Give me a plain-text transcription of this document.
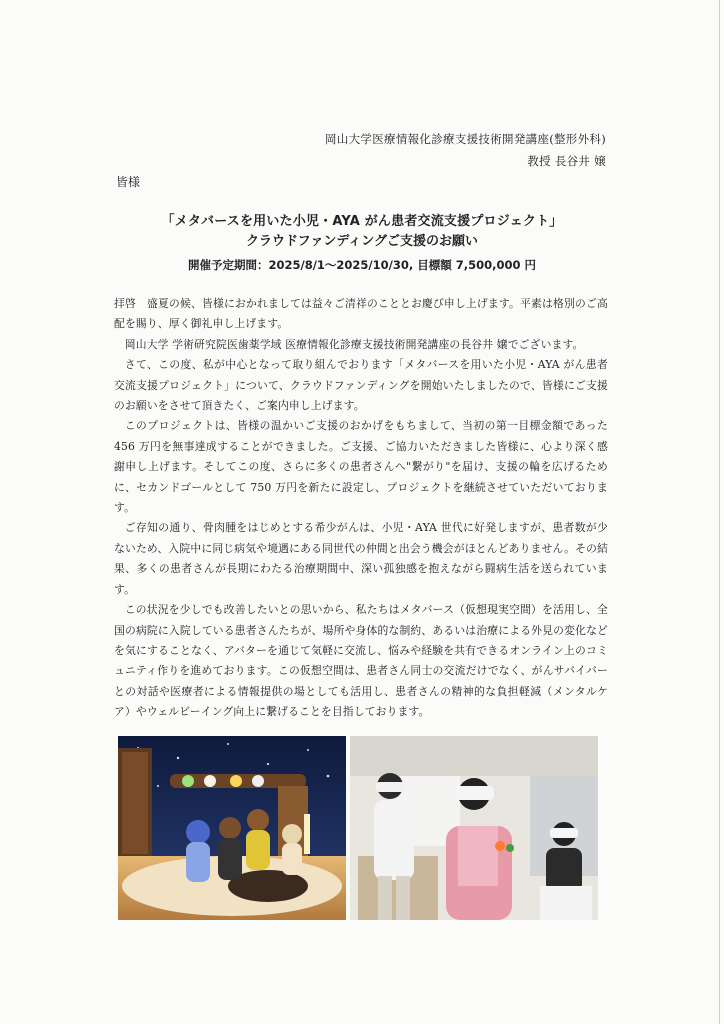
岡山大学医療情報化診療支援技術開発講座(整形外科)
教授 長谷井 嬢
皆様
「メタバースを用いた小児・AYA がん患者交流支援プロジェクト」
クラウドファンディングご支援のお願い
開催予定期間：2025/8/1〜2025/10/30, 目標額 7,500,000 円

拝啓　盛夏の候、皆様におかれましては益々ご清祥のこととお慶び申し上げます。平素は格別のご高配を賜り、厚く御礼申し上げます。

岡山大学 学術研究院医歯薬学域 医療情報化診療支援技術開発講座の長谷井 嬢でございます。

さて、この度、私が中心となって取り組んでおります「メタバースを用いた小児・AYA がん患者交流支援プロジェクト」について、クラウドファンディングを開始いたしましたので、皆様にご支援のお願いをさせて頂きたく、ご案内申し上げます。

このプロジェクトは、皆様の温かいご支援のおかげをもちまして、当初の第一目標金額であった 456 万円を無事達成することができました。ご支援、ご協力いただきました皆様に、心より深く感謝申し上げます。そしてこの度、さらに多くの患者さんへ"繋がり"を届け、支援の輪を広げるために、セカンドゴールとして 750 万円を新たに設定し、プロジェクトを継続させていただいております。

ご存知の通り、骨肉腫をはじめとする希少がんは、小児・AYA 世代に好発しますが、患者数が少ないため、入院中に同じ病気や境遇にある同世代の仲間と出会う機会がほとんどありません。その結果、多くの患者さんが長期にわたる治療期間中、深い孤独感を抱えながら闘病生活を送られています。

この状況を少しでも改善したいとの思いから、私たちはメタバース（仮想現実空間）を活用し、全国の病院に入院している患者さんたちが、場所や身体的な制約、あるいは治療による外見の変化などを気にすることなく、アバターを通じて気軽に交流し、悩みや経験を共有できるオンライン上のコミュニティ作りを進めております。この仮想空間は、患者さん同士の交流だけでなく、がんサバイバーとの対話や医療者による情報提供の場としても活用し、患者さんの精神的な負担軽減（メンタルケア）やウェルビーイング向上に繋げることを目指しております。
